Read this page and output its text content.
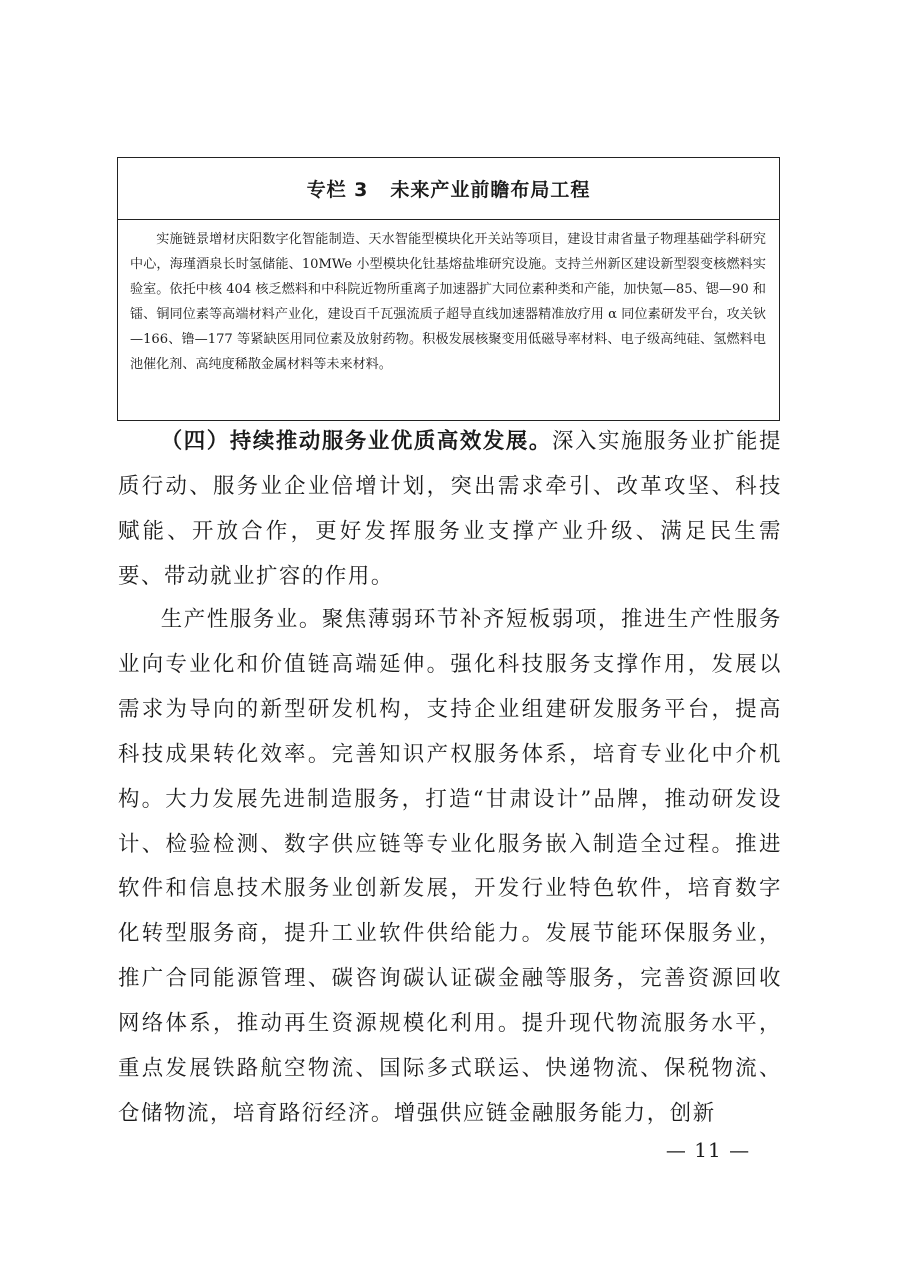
专栏 3 未来产业前瞻布局工程
实施链景增材庆阳数字化智能制造、天水智能型模块化开关站等项目，建设甘肃省量子物理基础学科研究中心，海瑾酒泉长时氢储能、10MWe 小型模块化钍基熔盐堆研究设施。支持兰州新区建设新型裂变核燃料实验室。依托中核 404 核乏燃料和中科院近物所重离子加速器扩大同位素种类和产能，加快氪—85、锶—90 和镭、铜同位素等高端材料产业化，建设百千瓦强流质子超导直线加速器精准放疗用 α 同位素研发平台，攻关钬—166、镥—177 等紧缺医用同位素及放射药物。积极发展核聚变用低磁导率材料、电子级高纯硅、氢燃料电池催化剂、高纯度稀散金属材料等未来材料。

（四）持续推动服务业优质高效发展。深入实施服务业扩能提质行动、服务业企业倍增计划，突出需求牵引、改革攻坚、科技赋能、开放合作，更好发挥服务业支撑产业升级、满足民生需要、带动就业扩容的作用。

生产性服务业。聚焦薄弱环节补齐短板弱项，推进生产性服务业向专业化和价值链高端延伸。强化科技服务支撑作用，发展以需求为导向的新型研发机构，支持企业组建研发服务平台，提高科技成果转化效率。完善知识产权服务体系，培育专业化中介机构。大力发展先进制造服务，打造“甘肃设计”品牌，推动研发设计、检验检测、数字供应链等专业化服务嵌入制造全过程。推进软件和信息技术服务业创新发展，开发行业特色软件，培育数字化转型服务商，提升工业软件供给能力。发展节能环保服务业，推广合同能源管理、碳咨询碳认证碳金融等服务，完善资源回收网络体系，推动再生资源规模化利用。提升现代物流服务水平，重点发展铁路航空物流、国际多式联运、快递物流、保税物流、仓储物流，培育路衍经济。增强供应链金融服务能力，创新

— 11 —
